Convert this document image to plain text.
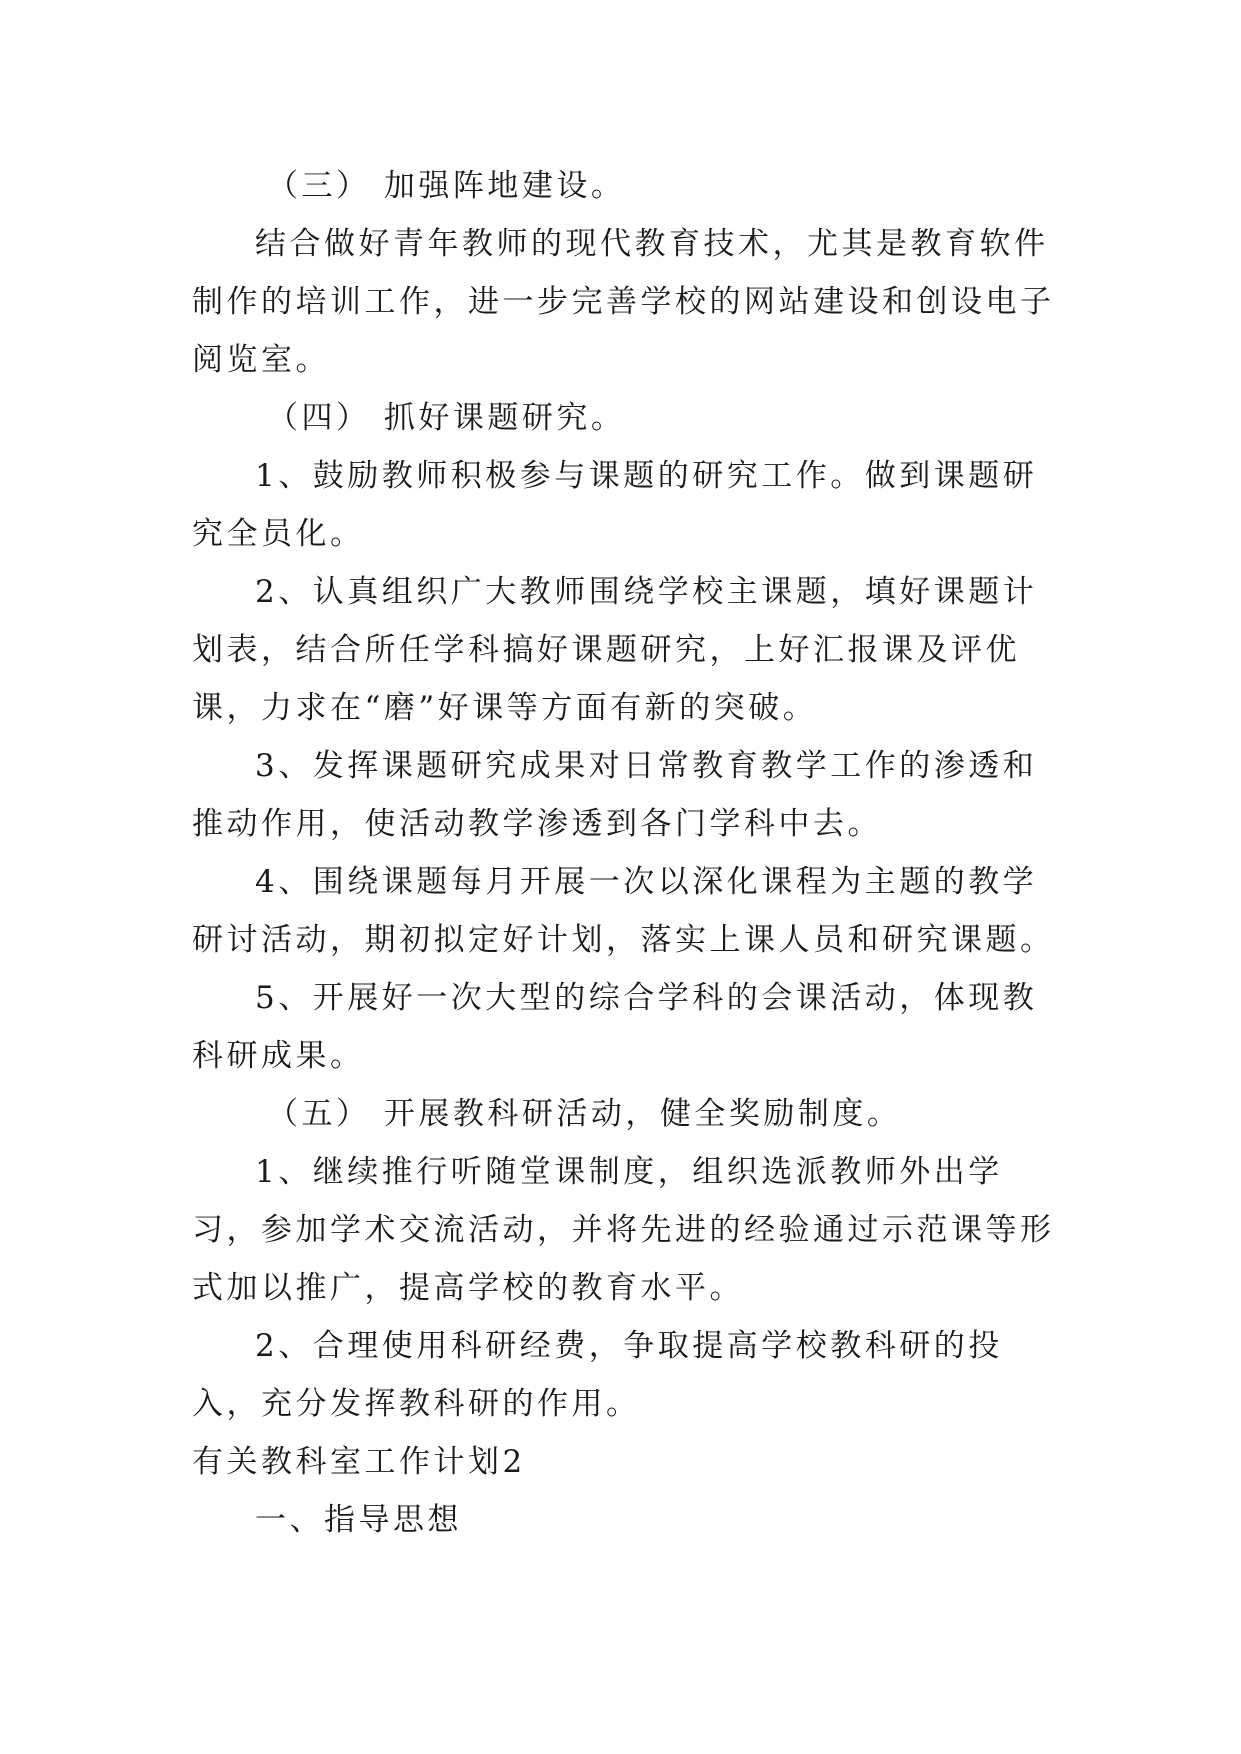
（三） 加强阵地建设。

结合做好青年教师的现代教育技术，尤其是教育软件制作的培训工作，进一步完善学校的网站建设和创设电子阅览室。

（四） 抓好课题研究。

1、鼓励教师积极参与课题的研究工作。做到课题研究全员化。

2、认真组织广大教师围绕学校主课题，填好课题计划表，结合所任学科搞好课题研究，上好汇报课及评优课，力求在“磨”好课等方面有新的突破。

3、发挥课题研究成果对日常教育教学工作的渗透和推动作用，使活动教学渗透到各门学科中去。

4、围绕课题每月开展一次以深化课程为主题的教学研讨活动，期初拟定好计划，落实上课人员和研究课题。

5、开展好一次大型的综合学科的会课活动，体现教科研成果。

（五） 开展教科研活动，健全奖励制度。

1、继续推行听随堂课制度，组织选派教师外出学习，参加学术交流活动，并将先进的经验通过示范课等形式加以推广，提高学校的教育水平。

2、合理使用科研经费，争取提高学校教科研的投入，充分发挥教科研的作用。

有关教科室工作计划2

一、指导思想
